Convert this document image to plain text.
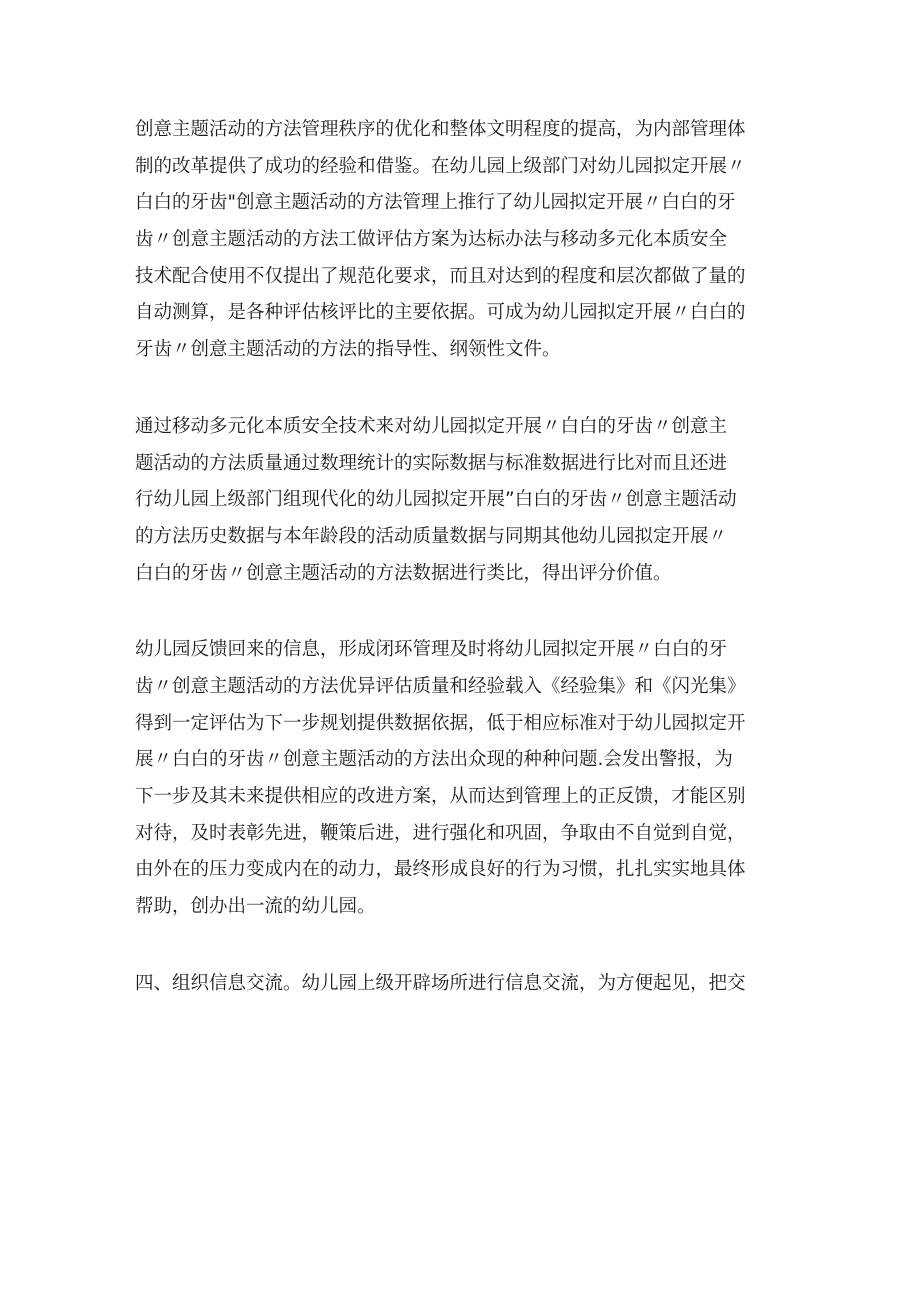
创意主题活动的方法管理秩序的优化和整体文明程度的提高，为内部管理体
制的改革提供了成功的经验和借鉴。在幼儿园上级部门对幼儿园拟定开展〃
白白的牙齿"创意主题活动的方法管理上推行了幼儿园拟定开展〃白白的牙
齿〃创意主题活动的方法工做评估方案为达标办法与移动多元化本质安全
技术配合使用不仅提出了规范化要求，而且对达到的程度和层次都做了量的
自动测算，是各种评估核评比的主要依据。可成为幼儿园拟定开展〃白白的
牙齿〃创意主题活动的方法的指导性、纲领性文件。
通过移动多元化本质安全技术来对幼儿园拟定开展〃白白的牙齿〃创意主
题活动的方法质量通过数理统计的实际数据与标准数据进行比对而且还进
行幼儿园上级部门组现代化的幼儿园拟定开展”白白的牙齿〃创意主题活动
的方法历史数据与本年龄段的活动质量数据与同期其他幼儿园拟定开展〃
白白的牙齿〃创意主题活动的方法数据进行类比，得出评分价值。
幼儿园反馈回来的信息，形成闭环管理及时将幼儿园拟定开展〃白白的牙
齿〃创意主题活动的方法优异评估质量和经验载入《经验集》和《闪光集》
得到一定评估为下一步规划提供数据依据，低于相应标准对于幼儿园拟定开
展〃白白的牙齿〃创意主题活动的方法出众现的种种问题.会发出警报，为
下一步及其未来提供相应的改进方案，从而达到管理上的正反馈，才能区别
对待，及时表彰先进，鞭策后进，进行强化和巩固，争取由不自觉到自觉，
由外在的压力变成内在的动力，最终形成良好的行为习惯，扎扎实实地具体
帮助，创办出一流的幼儿园。
四、组织信息交流。幼儿园上级开辟场所进行信息交流，为方便起见，把交
